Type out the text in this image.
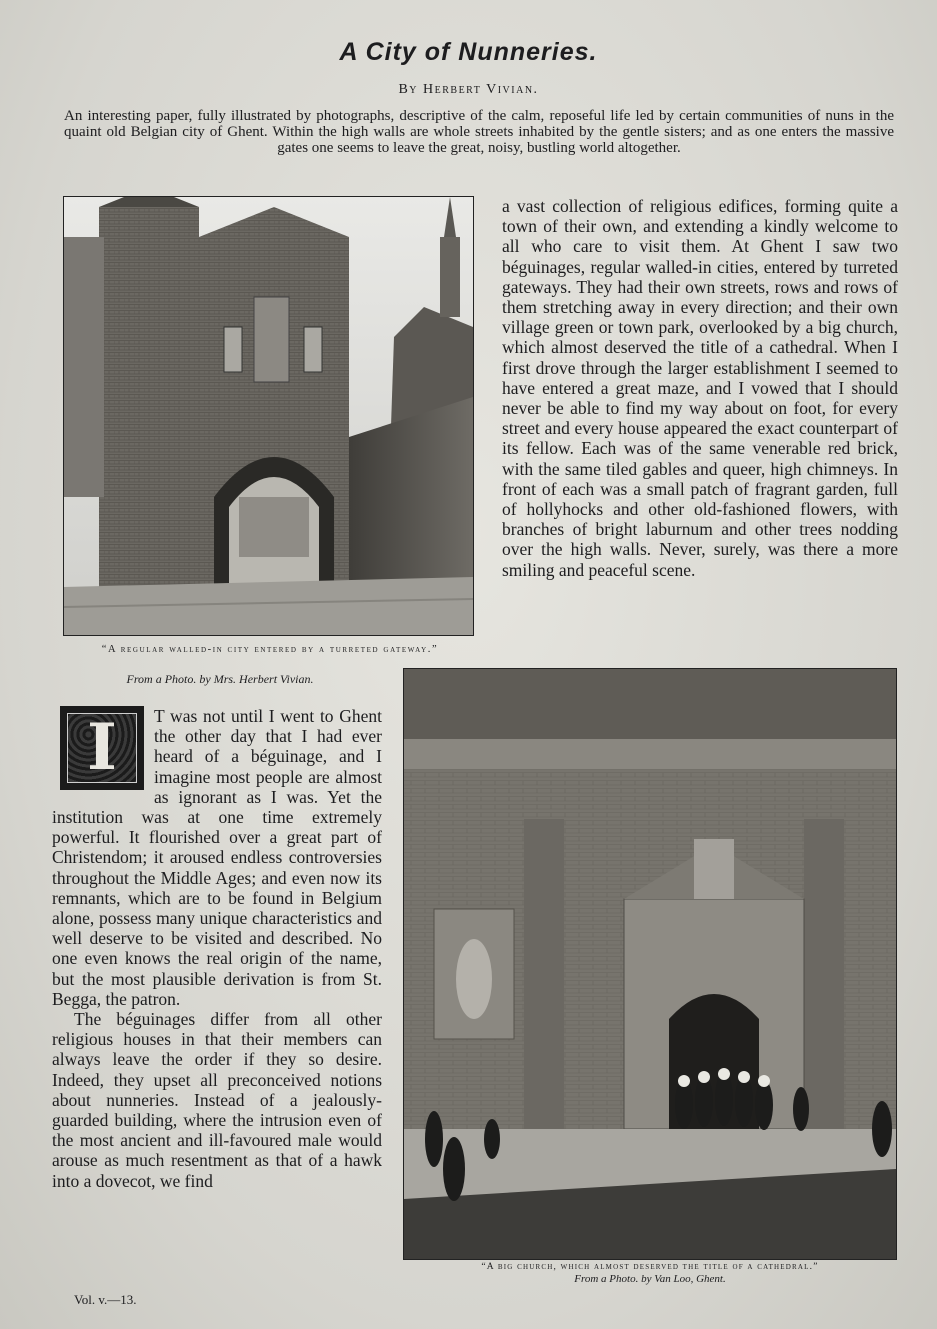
A City of Nunneries.
By Herbert Vivian.
An interesting paper, fully illustrated by photographs, descriptive of the calm, reposeful life led by certain communities of nuns in the quaint old Belgian city of Ghent. Within the high walls are whole streets inhabited by the gentle sisters; and as one enters the massive gates one seems to leave the great, noisy, bustling world altogether.
“A regular walled-in city entered by a turreted gateway.”
From a Photo. by Mrs. Herbert Vivian.

a vast collection of religious edifices, forming quite a town of their own, and extending a kindly welcome to all who care to visit them. At Ghent I saw two béguinages, regular walled-in cities, entered by turreted gateways. They had their own streets, rows and rows of them stretching away in every direction; and their own village green or town park, overlooked by a big church, which almost deserved the title of a cathedral. When I first drove through the larger establishment I seemed to have entered a great maze, and I vowed that I should never be able to find my way about on foot, for every street and every house appeared the exact counterpart of its fellow. Each was of the same venerable red brick, with the same tiled gables and queer, high chimneys. In front of each was a small patch of fragrant garden, full of hollyhocks and other old-fashioned flowers, with branches of bright laburnum and other trees nodding over the high walls. Never, surely, was there a more smiling and peaceful scene.

“A big church, which almost deserved the title of a cathedral.”
From a Photo. by Van Loo, Ghent.
I	T was not until I went to Ghent the other day that I had ever heard of a béguinage, and I imagine most people are almost as ignorant as I was. Yet the institution was at one time extremely powerful. It flourished over a great part of Christendom; it aroused endless controversies throughout the Middle Ages; and even now its remnants, which are to be found in Belgium alone, possess many unique characteristics and well deserve to be visited and described. No one even knows the real origin of the name, but the most plausible derivation is from St. Begga, the patron.

The béguinages differ from all other religious houses in that their members can always leave the order if they so desire. Indeed, they upset all preconceived notions about nunneries. Instead of a jealously-guarded building, where the intrusion even of the most ancient and ill-favoured male would arouse as much resentment as that of a hawk into a dovecot, we find

Vol. v.—13.
